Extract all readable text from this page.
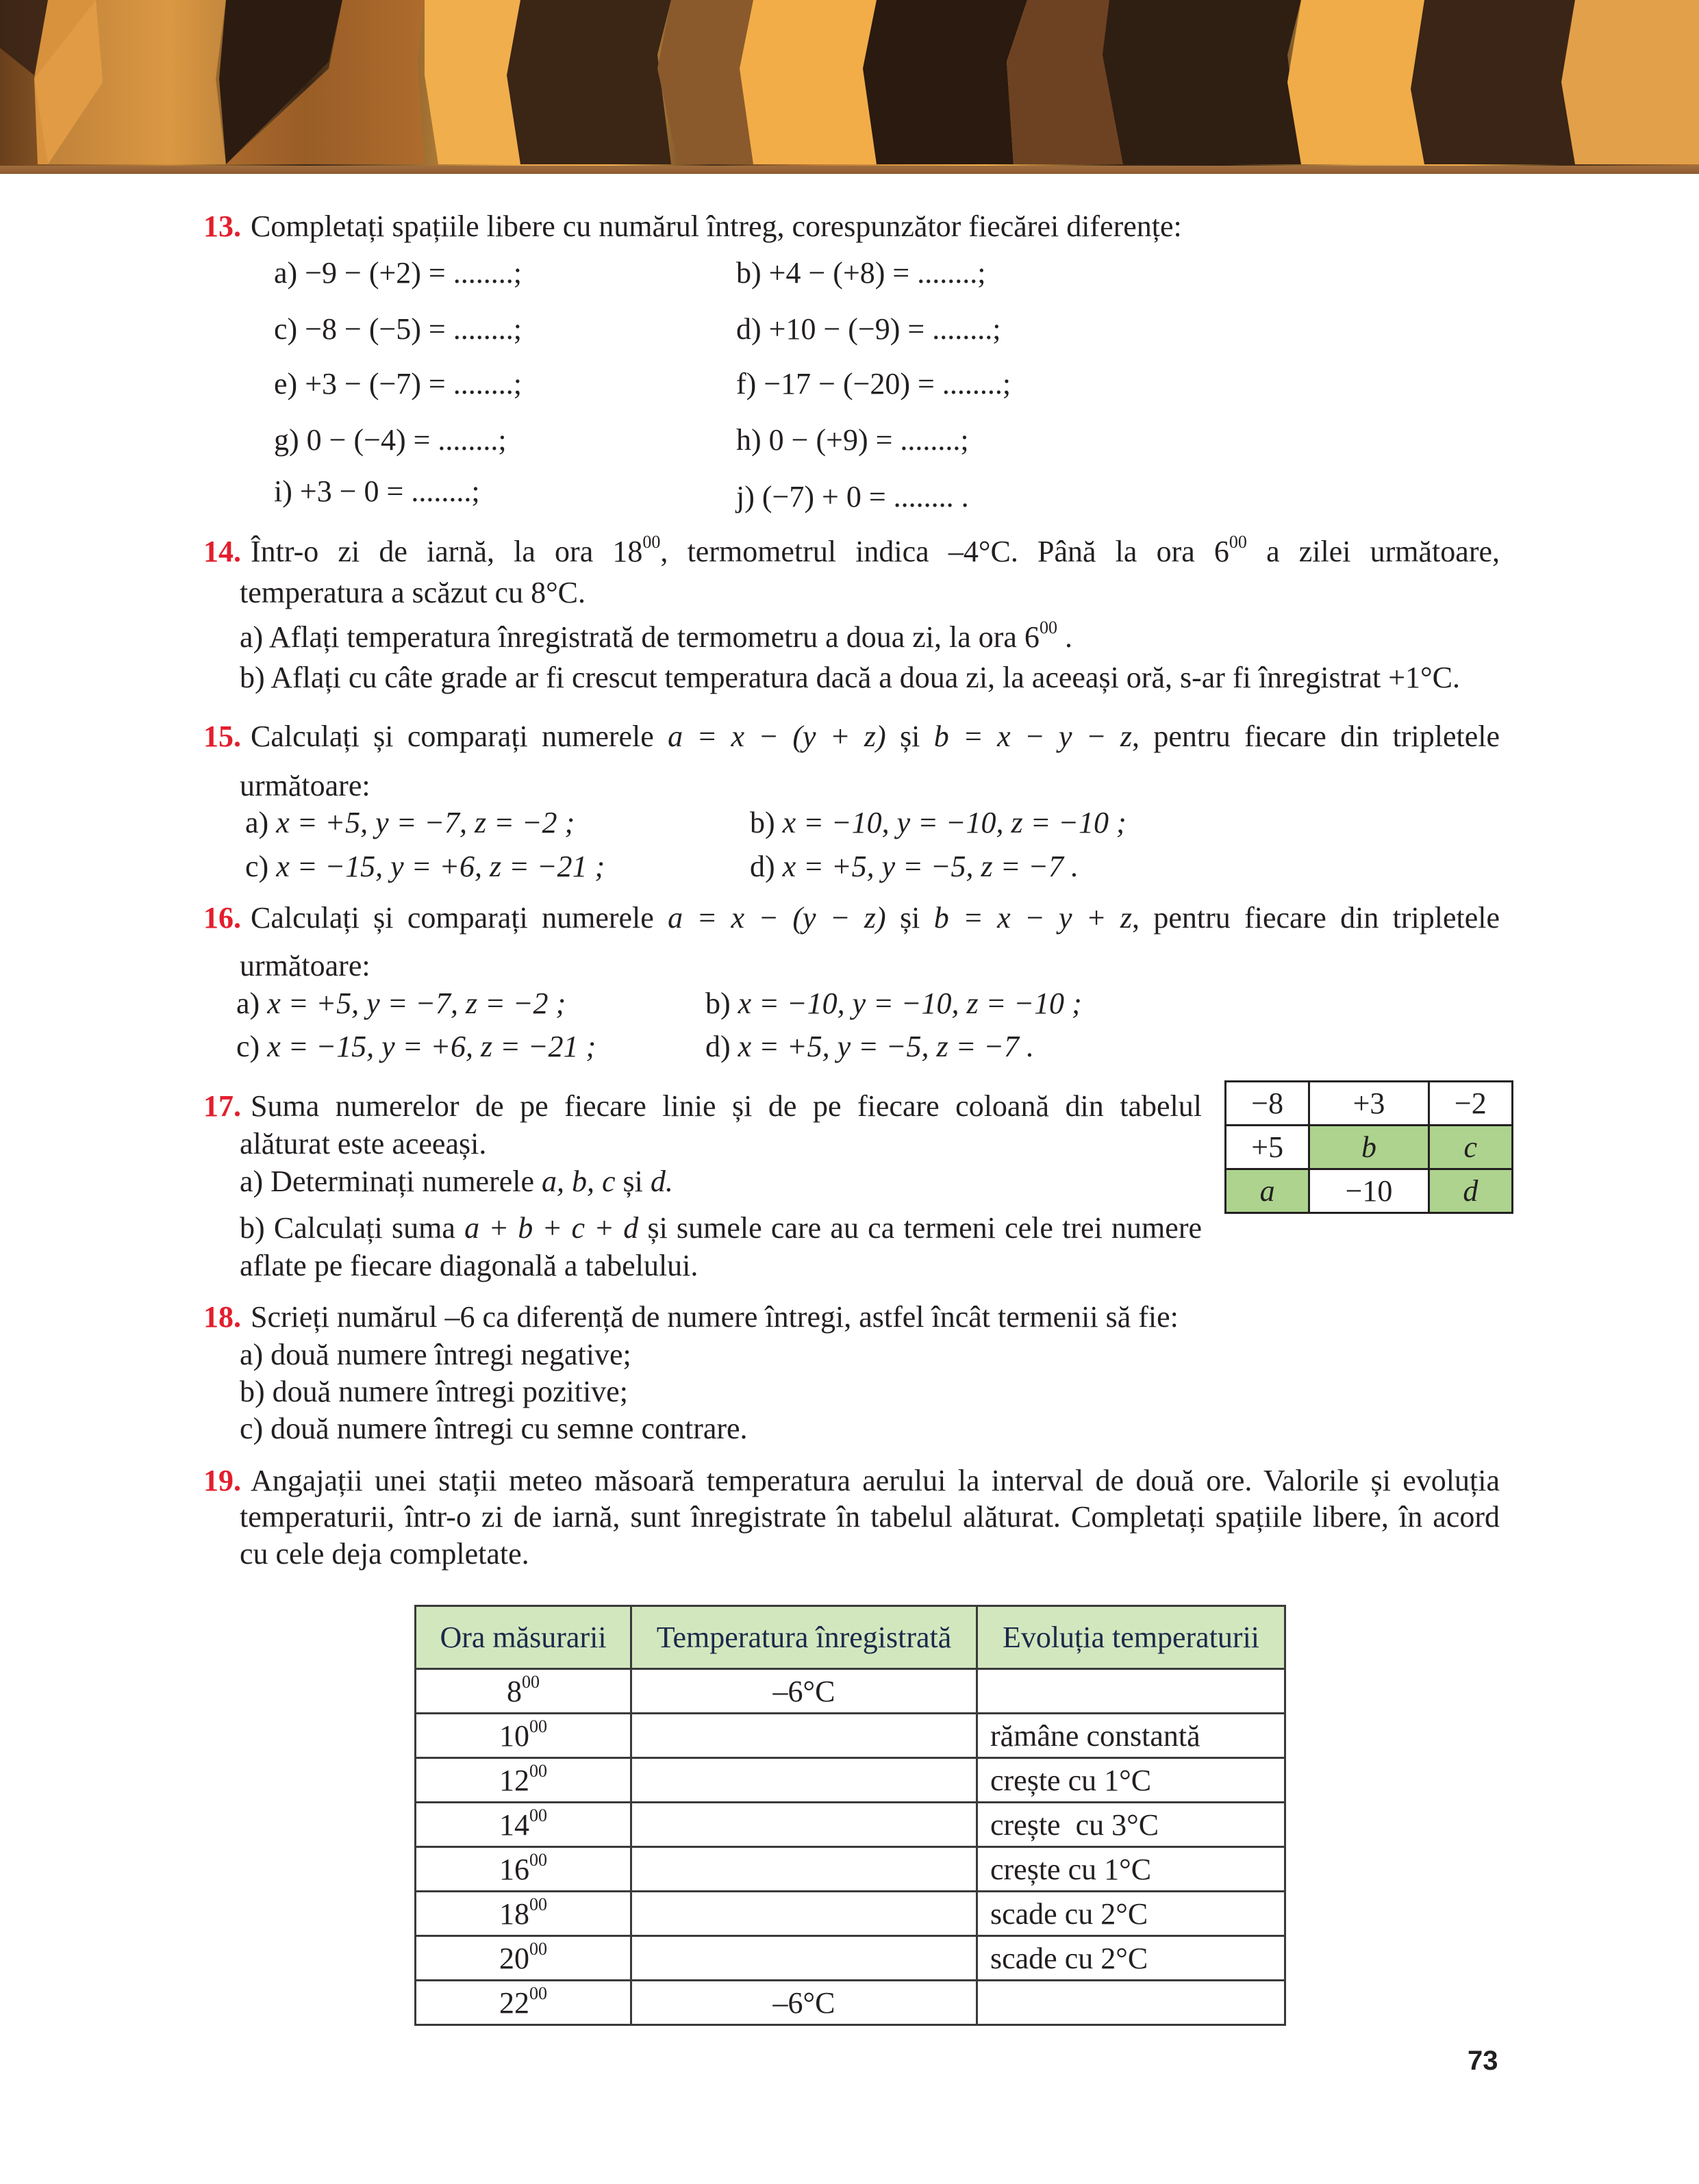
13. Completați spațiile libere cu numărul întreg, corespunzător fiecărei diferențe:
a) −9 − (+2) = ........;	b) +4 − (+8) = ........;
c) −8 − (−5) = ........;	d) +10 − (−9) = ........;
e) +3 − (−7) = ........;	f) −17 − (−20) = ........;
g) 0 − (−4) = ........;	h) 0 − (+9) = ........;
i) +3 − 0 = ........;	j) (−7) + 0 = ........ .
14. Într-o zi de iarnă, la ora $18^{00}$, termometrul indica –4°C. Până la ora $6^{00}$ a zilei următoare,
temperatura a scăzut cu 8°C.
a) Aflați temperatura înregistrată de termometru a doua zi, la ora $6^{00}$ .
b) Aflați cu câte grade ar fi crescut temperatura dacă a doua zi, la aceeași oră, s-ar fi înregistrat +1°C.
15. Calculați și comparați numerele a = x − (y + z) și b = x − y − z, pentru fiecare din tripletele
următoare:
a) x = +5, y = −7, z = −2 ;	b) x = −10, y = −10, z = −10 ;
c) x = −15, y = +6, z = −21 ;	d) x = +5, y = −5, z = −7 .
16. Calculați și comparați numerele a = x − (y − z) și b = x − y + z, pentru fiecare din tripletele
următoare:
a) x = +5, y = −7, z = −2 ;	b) x = −10, y = −10, z = −10 ;
c) x = −15, y = +6, z = −21 ;	d) x = +5, y = −5, z = −7 .
17. Suma numerelor de pe fiecare linie și de pe fiecare coloană din tabelul
alăturat este aceeași.
a) Determinați numerele a, b, c și d.
b) Calculați suma a + b + c + d și sumele care au ca termeni cele trei numere
aflate pe fiecare diagonală a tabelului.
−8	+3	−2
+5	b	c
a	−10	d
18. Scrieți numărul –6 ca diferență de numere întregi, astfel încât termenii să fie:
a) două numere întregi negative;
b) două numere întregi pozitive;
c) două numere întregi cu semne contrare.
19. Angajații unei stații meteo măsoară temperatura aerului la interval de două ore. Valorile și evoluția
temperaturii, într-o zi de iarnă, sunt înregistrate în tabelul alăturat. Completați spațiile libere, în acord
cu cele deja completate.
Ora măsurarii	Temperatura înregistrată	Evoluția temperaturii
$8^{00}$	–6°C	
$10^{00}$		rămâne constantă
$12^{00}$		crește cu 1°C
$14^{00}$		crește  cu 3°C
$16^{00}$		crește cu 1°C
$18^{00}$		scade cu 2°C
$20^{00}$		scade cu 2°C
$22^{00}$	–6°C	
73
